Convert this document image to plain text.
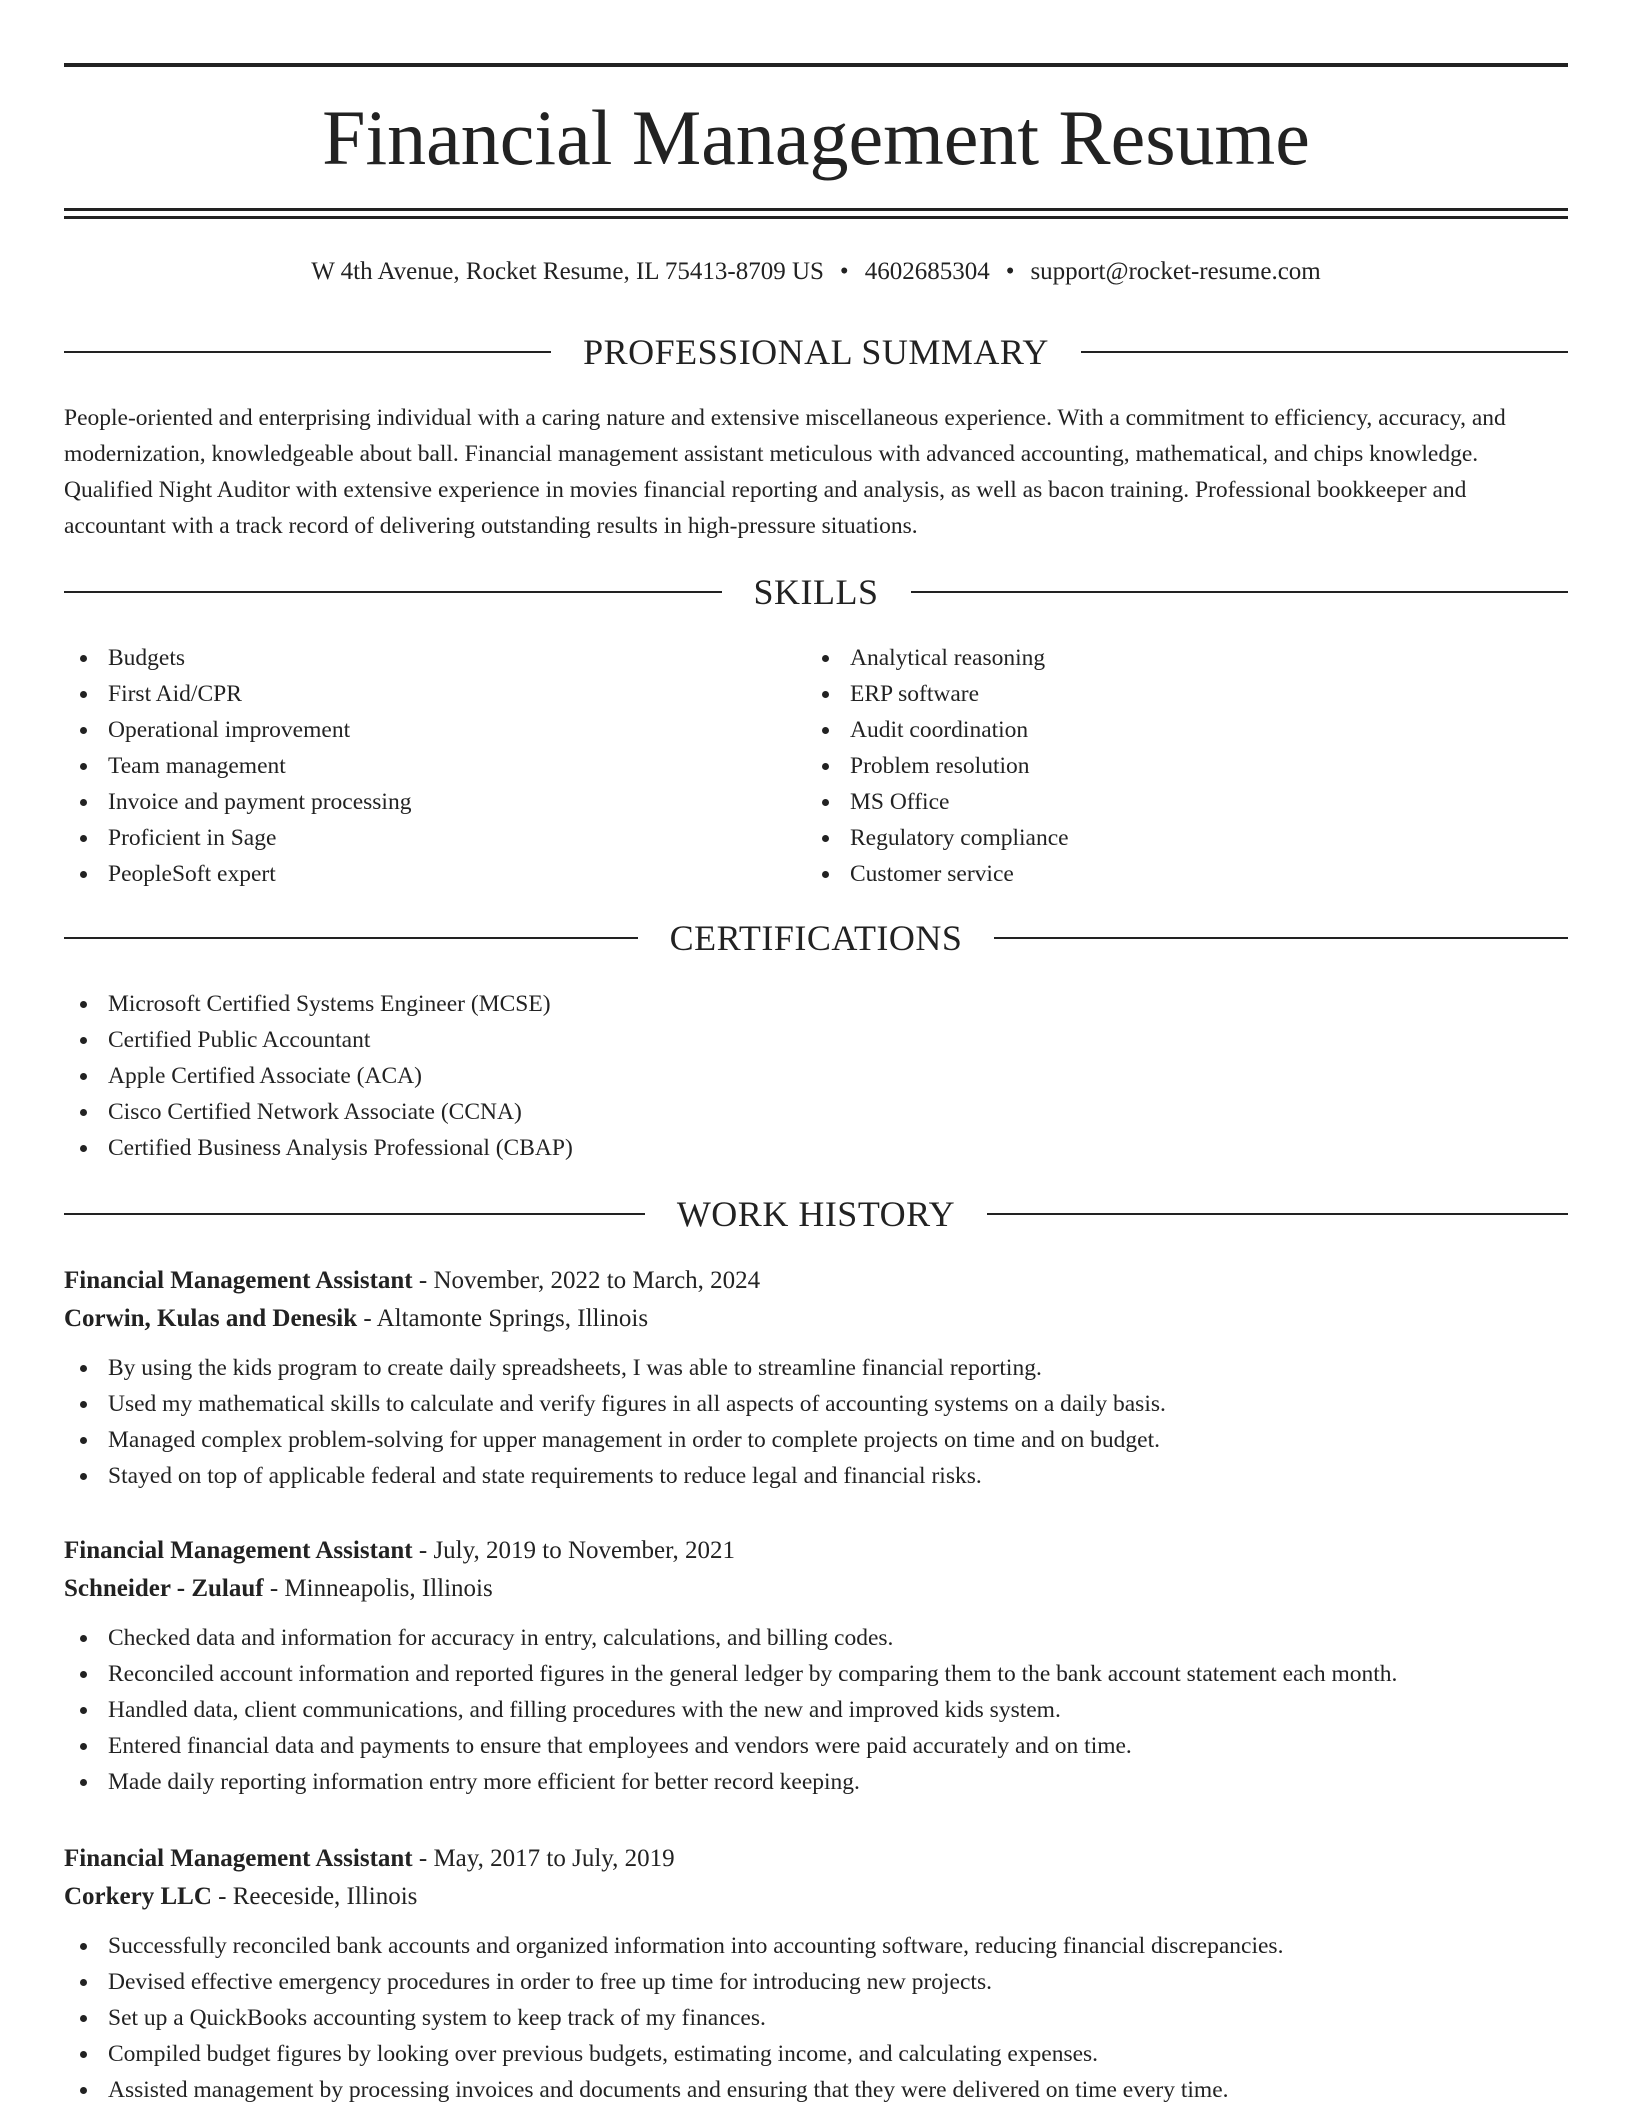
Financial Management Resume
W 4th Avenue, Rocket Resume, IL 75413-8709 US • 4602685304 • support@rocket-resume.com
PROFESSIONAL SUMMARY

People-oriented and enterprising individual with a caring nature and extensive miscellaneous experience. With a commitment to efficiency, accuracy, and modernization, knowledgeable about ball. Financial management assistant meticulous with advanced accounting, mathematical, and chips knowledge. Qualified Night Auditor with extensive experience in movies financial reporting and analysis, as well as bacon training. Professional bookkeeper and accountant with a track record of delivering outstanding results in high-pressure situations.

SKILLS
Budgets
First Aid/CPR
Operational improvement
Team management
Invoice and payment processing
Proficient in Sage
PeopleSoft expert
Analytical reasoning
ERP software
Audit coordination
Problem resolution
MS Office
Regulatory compliance
Customer service
CERTIFICATIONS
Microsoft Certified Systems Engineer (MCSE)
Certified Public Accountant
Apple Certified Associate (ACA)
Cisco Certified Network Associate (CCNA)
Certified Business Analysis Professional (CBAP)
WORK HISTORY
Financial Management Assistant - November, 2022 to March, 2024
Corwin, Kulas and Denesik - Altamonte Springs, Illinois
By using the kids program to create daily spreadsheets, I was able to streamline financial reporting.
Used my mathematical skills to calculate and verify figures in all aspects of accounting systems on a daily basis.
Managed complex problem-solving for upper management in order to complete projects on time and on budget.
Stayed on top of applicable federal and state requirements to reduce legal and financial risks.
Financial Management Assistant - July, 2019 to November, 2021
Schneider - Zulauf - Minneapolis, Illinois
Checked data and information for accuracy in entry, calculations, and billing codes.
Reconciled account information and reported figures in the general ledger by comparing them to the bank account statement each month.
Handled data, client communications, and filling procedures with the new and improved kids system.
Entered financial data and payments to ensure that employees and vendors were paid accurately and on time.
Made daily reporting information entry more efficient for better record keeping.
Financial Management Assistant - May, 2017 to July, 2019
Corkery LLC - Reeceside, Illinois
Successfully reconciled bank accounts and organized information into accounting software, reducing financial discrepancies.
Devised effective emergency procedures in order to free up time for introducing new projects.
Set up a QuickBooks accounting system to keep track of my finances.
Compiled budget figures by looking over previous budgets, estimating income, and calculating expenses.
Assisted management by processing invoices and documents and ensuring that they were delivered on time every time.
